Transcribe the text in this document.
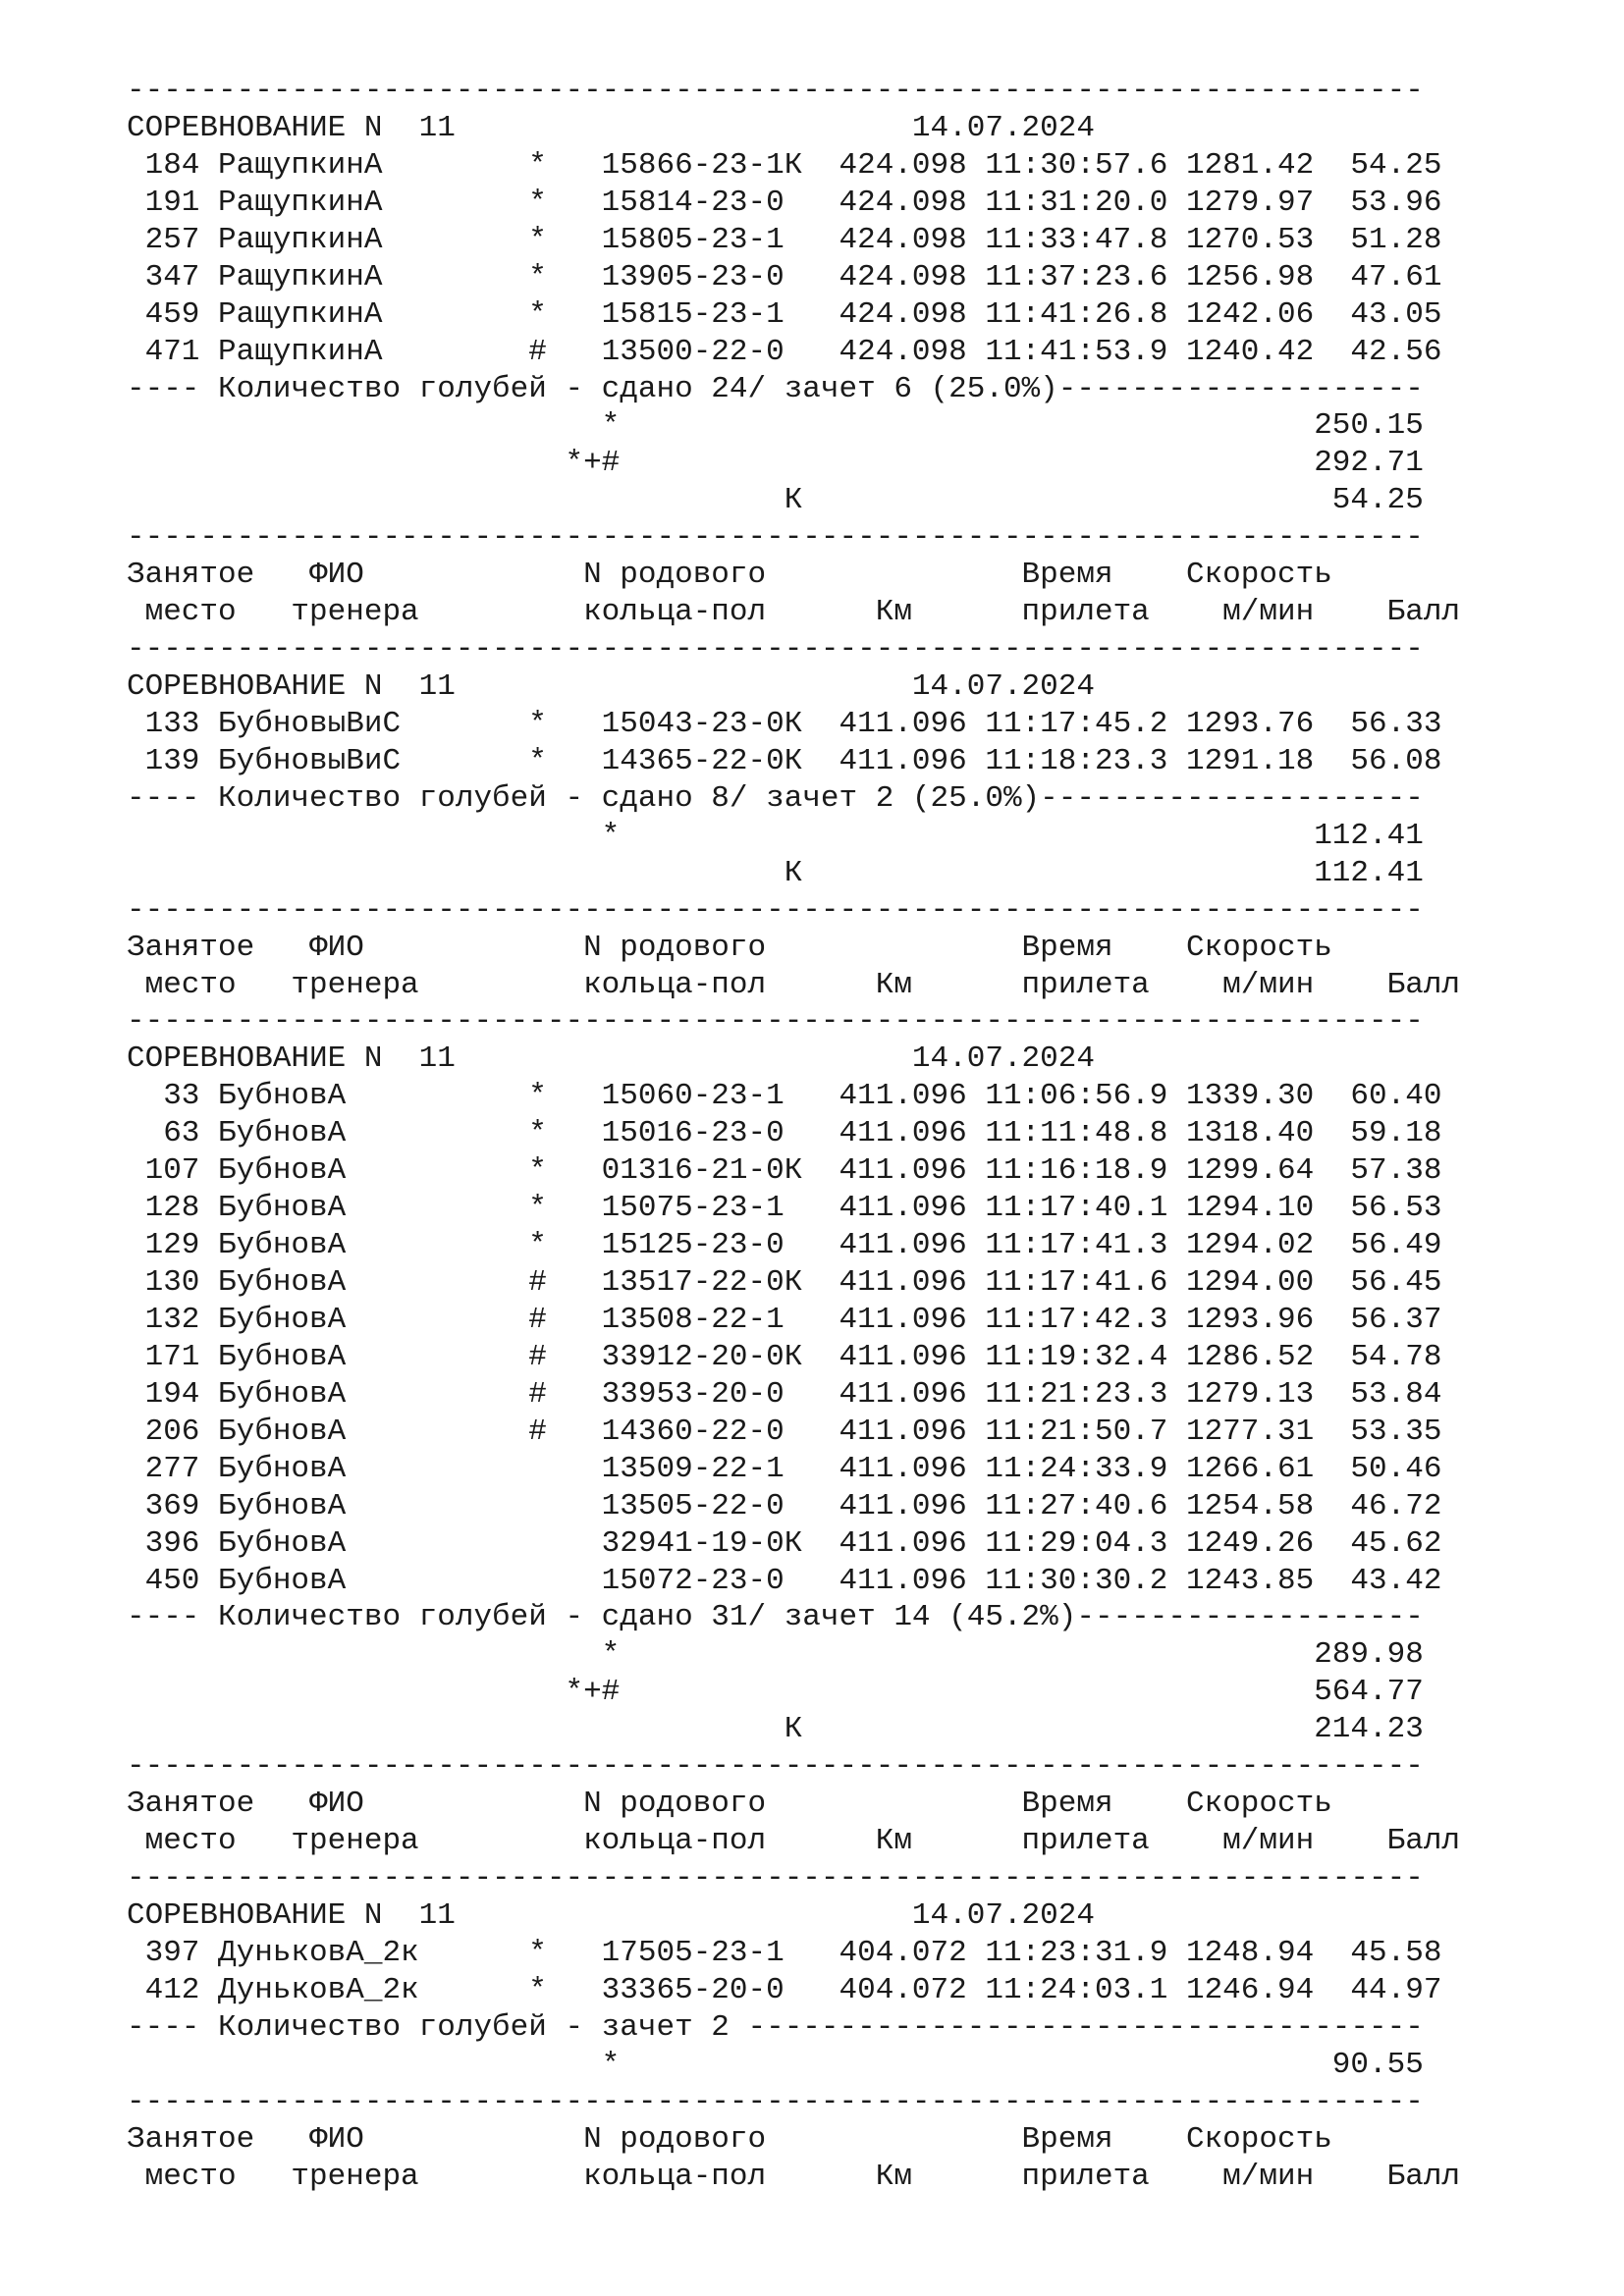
-----------------------------------------------------------------------
СОРЕВНОВАНИЕ N  11                         14.07.2024
184 РащупкинА        *   15866-23-1К  424.098 11:30:57.6 1281.42  54.25
191 РащупкинА        *   15814-23-0   424.098 11:31:20.0 1279.97  53.96
257 РащупкинА        *   15805-23-1   424.098 11:33:47.8 1270.53  51.28
347 РащупкинА        *   13905-23-0   424.098 11:37:23.6 1256.98  47.61
459 РащупкинА        *   15815-23-1   424.098 11:41:26.8 1242.06  43.05
471 РащупкинА        #   13500-22-0   424.098 11:41:53.9 1240.42  42.56
---- Количество голубей - сдано 24/ зачет 6 (25.0%)--------------------
*                                      250.15
*+#                                      292.71
К                             54.25
-----------------------------------------------------------------------
Занятое   ФИО            N родового              Время    Скорость
место   тренера         кольца-пол      Км      прилета    м/мин    Балл
-----------------------------------------------------------------------
СОРЕВНОВАНИЕ N  11                         14.07.2024
133 БубновыВиС       *   15043-23-0К  411.096 11:17:45.2 1293.76  56.33
139 БубновыВиС       *   14365-22-0К  411.096 11:18:23.3 1291.18  56.08
---- Количество голубей - сдано 8/ зачет 2 (25.0%)---------------------
*                                      112.41
К                            112.41
-----------------------------------------------------------------------
Занятое   ФИО            N родового              Время    Скорость
место   тренера         кольца-пол      Км      прилета    м/мин    Балл
-----------------------------------------------------------------------
СОРЕВНОВАНИЕ N  11                         14.07.2024
33 БубновА          *   15060-23-1   411.096 11:06:56.9 1339.30  60.40
63 БубновА          *   15016-23-0   411.096 11:11:48.8 1318.40  59.18
107 БубновА          *   01316-21-0К  411.096 11:16:18.9 1299.64  57.38
128 БубновА          *   15075-23-1   411.096 11:17:40.1 1294.10  56.53
129 БубновА          *   15125-23-0   411.096 11:17:41.3 1294.02  56.49
130 БубновА          #   13517-22-0К  411.096 11:17:41.6 1294.00  56.45
132 БубновА          #   13508-22-1   411.096 11:17:42.3 1293.96  56.37
171 БубновА          #   33912-20-0К  411.096 11:19:32.4 1286.52  54.78
194 БубновА          #   33953-20-0   411.096 11:21:23.3 1279.13  53.84
206 БубновА          #   14360-22-0   411.096 11:21:50.7 1277.31  53.35
277 БубновА              13509-22-1   411.096 11:24:33.9 1266.61  50.46
369 БубновА              13505-22-0   411.096 11:27:40.6 1254.58  46.72
396 БубновА              32941-19-0К  411.096 11:29:04.3 1249.26  45.62
450 БубновА              15072-23-0   411.096 11:30:30.2 1243.85  43.42
---- Количество голубей - сдано 31/ зачет 14 (45.2%)-------------------
*                                      289.98
*+#                                      564.77
К                            214.23
-----------------------------------------------------------------------
Занятое   ФИО            N родового              Время    Скорость
место   тренера         кольца-пол      Км      прилета    м/мин    Балл
-----------------------------------------------------------------------
СОРЕВНОВАНИЕ N  11                         14.07.2024
397 ДуньковА_2к      *   17505-23-1   404.072 11:23:31.9 1248.94  45.58
412 ДуньковА_2к      *   33365-20-0   404.072 11:24:03.1 1246.94  44.97
---- Количество голубей - зачет 2 -------------------------------------
*                                       90.55
-----------------------------------------------------------------------
Занятое   ФИО            N родового              Время    Скорость
место   тренера         кольца-пол      Км      прилета    м/мин    Балл
